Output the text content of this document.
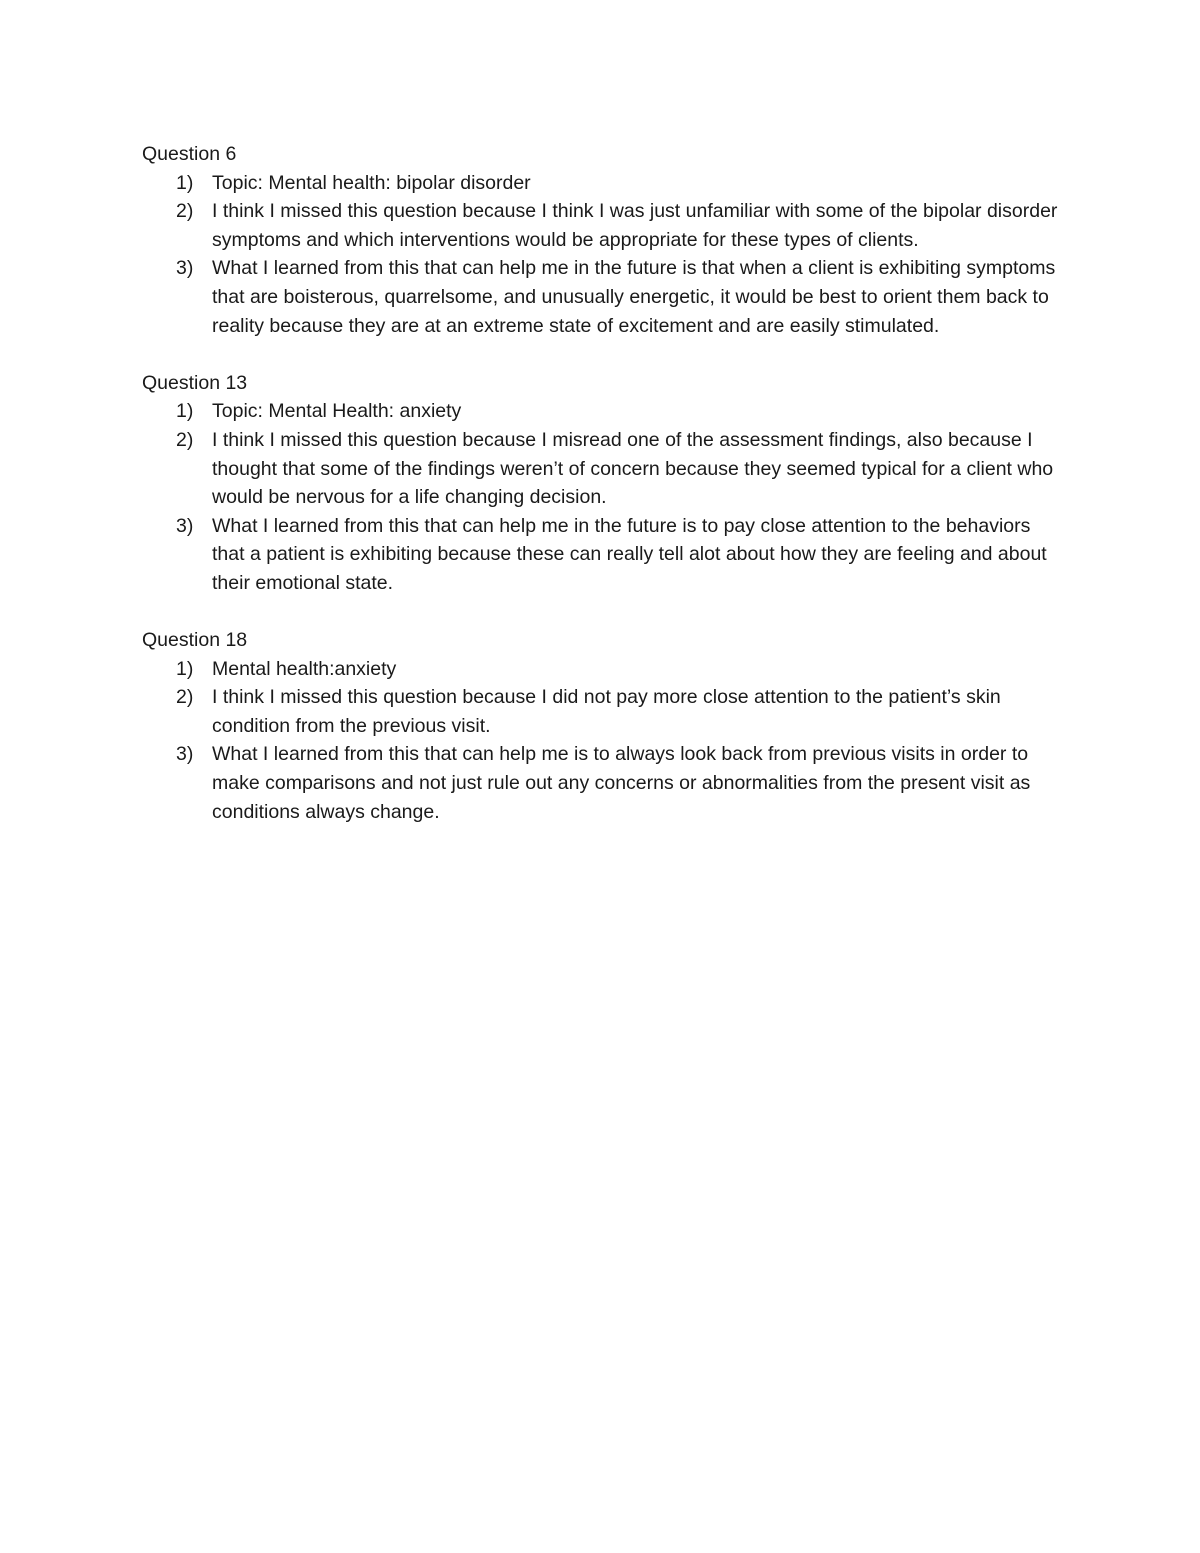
Question 6
1) Topic: Mental health: bipolar disorder
2) I think I missed this question because I think I was just unfamiliar with some of the bipolar disorder symptoms and which interventions would be appropriate for these types of clients.
3) What I learned from this that can help me in the future is that when a client is exhibiting symptoms that are boisterous, quarrelsome, and unusually energetic, it would be best to orient them back to reality because they are at an extreme state of excitement and are easily stimulated.
Question 13
1) Topic: Mental Health: anxiety
2) I think I missed this question because I misread one of the assessment findings, also because I thought that some of the findings weren’t of concern because they seemed typical for a client who would be nervous for a life changing decision.
3) What I learned from this that can help me in the future is to pay close attention to the behaviors that a patient is exhibiting because these can really tell alot about how they are feeling and about their emotional state.
Question 18
1) Mental health:anxiety
2) I think I missed this question because I did not pay more close attention to the patient’s skin condition from the previous visit.
3) What I learned from this that can help me is to always look back from previous visits in order to make comparisons and not just rule out any concerns or abnormalities from the present visit as conditions always change.
